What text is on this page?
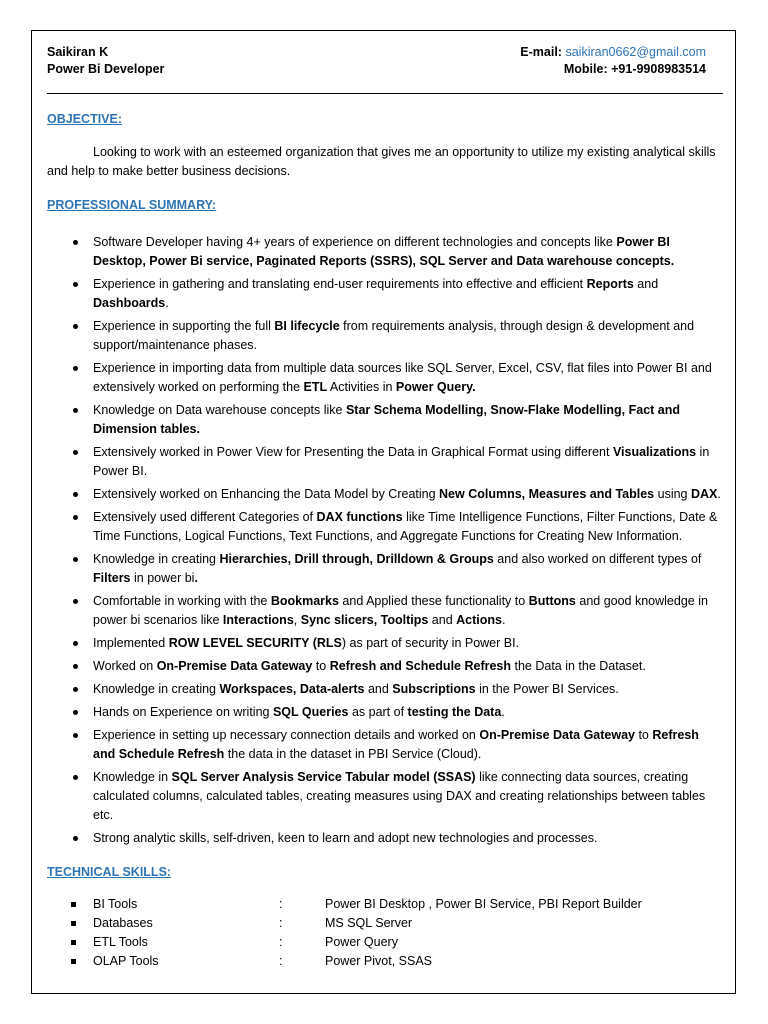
Saikiran K
Power Bi Developer
E-mail: saikiran0662@gmail.com
Mobile: +91-9908983514
OBJECTIVE:
Looking to work with an esteemed organization that gives me an opportunity to utilize my existing analytical skills and help to make better business decisions.
PROFESSIONAL SUMMARY:
Software Developer having 4+ years of experience on different technologies and concepts like Power BI Desktop, Power Bi service, Paginated Reports (SSRS), SQL Server and Data warehouse concepts.
Experience in gathering and translating end-user requirements into effective and efficient Reports and Dashboards.
Experience in supporting the full BI lifecycle from requirements analysis, through design & development and support/maintenance phases.
Experience in importing data from multiple data sources like SQL Server, Excel, CSV, flat files into Power BI and extensively worked on performing the ETL Activities in Power Query.
Knowledge on Data warehouse concepts like Star Schema Modelling, Snow-Flake Modelling, Fact and Dimension tables.
Extensively worked in Power View for Presenting the Data in Graphical Format using different Visualizations in Power BI.
Extensively worked on Enhancing the Data Model by Creating New Columns, Measures and Tables using DAX.
Extensively used different Categories of DAX functions like Time Intelligence Functions, Filter Functions, Date & Time Functions, Logical Functions, Text Functions, and Aggregate Functions for Creating New Information.
Knowledge in creating Hierarchies, Drill through, Drilldown & Groups and also worked on different types of Filters in power bi.
Comfortable in working with the Bookmarks and Applied these functionality to Buttons and good knowledge in power bi scenarios like Interactions, Sync slicers, Tooltips and Actions.
Implemented ROW LEVEL SECURITY (RLS) as part of security in Power BI.
Worked on On-Premise Data Gateway to Refresh and Schedule Refresh the Data in the Dataset.
Knowledge in creating Workspaces, Data-alerts and Subscriptions in the Power BI Services.
Hands on Experience on writing SQL Queries as part of testing the Data.
Experience in setting up necessary connection details and worked on On-Premise Data Gateway to Refresh and Schedule Refresh the data in the dataset in PBI Service (Cloud).
Knowledge in SQL Server Analysis Service Tabular model (SSAS) like connecting data sources, creating calculated columns, calculated tables, creating measures using DAX and creating relationships between tables etc.
Strong analytic skills, self-driven, keen to learn and adopt new technologies and processes.
TECHNICAL SKILLS:
BI Tools	:	Power BI Desktop , Power BI Service, PBI Report Builder
Databases	:	MS SQL Server
ETL Tools	:	Power Query
OLAP Tools	:	Power Pivot, SSAS
